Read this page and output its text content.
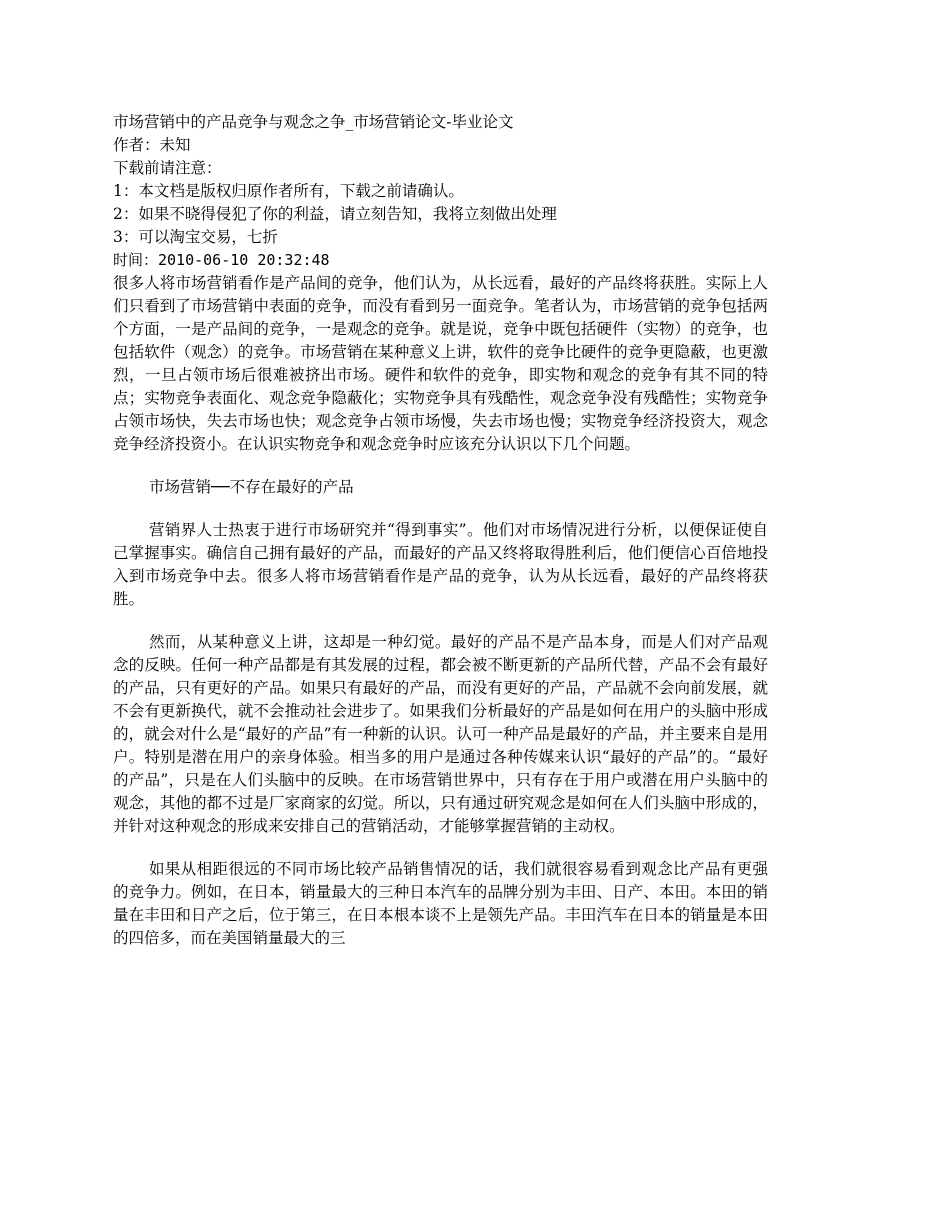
市场营销中的产品竞争与观念之争_市场营销论文-毕业论文
作者：未知
下载前请注意：
1：本文档是版权归原作者所有，下载之前请确认。
2：如果不晓得侵犯了你的利益，请立刻告知，我将立刻做出处理
3：可以淘宝交易，七折
时间：2010-06-10 20:32:48

很多人将市场营销看作是产品间的竞争，他们认为，从长远看，最好的产品终将获胜。实际上人们只看到了市场营销中表面的竞争，而没有看到另一面竞争。笔者认为，市场营销的竞争包括两个方面，一是产品间的竞争，一是观念的竞争。就是说，竞争中既包括硬件（实物）的竞争，也包括软件（观念）的竞争。市场营销在某种意义上讲，软件的竞争比硬件的竞争更隐蔽，也更激烈，一旦占领市场后很难被挤出市场。硬件和软件的竞争，即实物和观念的竞争有其不同的特点；实物竞争表面化、观念竞争隐蔽化；实物竞争具有残酷性，观念竞争没有残酷性；实物竞争占领市场快，失去市场也快；观念竞争占领市场慢，失去市场也慢；实物竞争经济投资大，观念竞争经济投资小。在认识实物竞争和观念竞争时应该充分认识以下几个问题。

市场营销──不存在最好的产品

营销界人士热衷于进行市场研究并“得到事实”。他们对市场情况进行分析，以便保证使自己掌握事实。确信自己拥有最好的产品，而最好的产品又终将取得胜利后，他们便信心百倍地投入到市场竞争中去。很多人将市场营销看作是产品的竞争，认为从长远看，最好的产品终将获胜。

然而，从某种意义上讲，这却是一种幻觉。最好的产品不是产品本身，而是人们对产品观念的反映。任何一种产品都是有其发展的过程，都会被不断更新的产品所代替，产品不会有最好的产品，只有更好的产品。如果只有最好的产品，而没有更好的产品，产品就不会向前发展，就不会有更新换代，就不会推动社会进步了。如果我们分析最好的产品是如何在用户的头脑中形成的，就会对什么是“最好的产品”有一种新的认识。认可一种产品是最好的产品，并主要来自是用户。特别是潜在用户的亲身体验。相当多的用户是通过各种传媒来认识“最好的产品”的。“最好的产品”，只是在人们头脑中的反映。在市场营销世界中，只有存在于用户或潜在用户头脑中的观念，其他的都不过是厂家商家的幻觉。所以，只有通过研究观念是如何在人们头脑中形成的，并针对这种观念的形成来安排自己的营销活动，才能够掌握营销的主动权。

如果从相距很远的不同市场比较产品销售情况的话，我们就很容易看到观念比产品有更强的竞争力。例如，在日本，销量最大的三种日本汽车的品牌分别为丰田、日产、本田。本田的销量在丰田和日产之后，位于第三，在日本根本谈不上是领先产品。丰田汽车在日本的销量是本田的四倍多，而在美国销量最大的三
